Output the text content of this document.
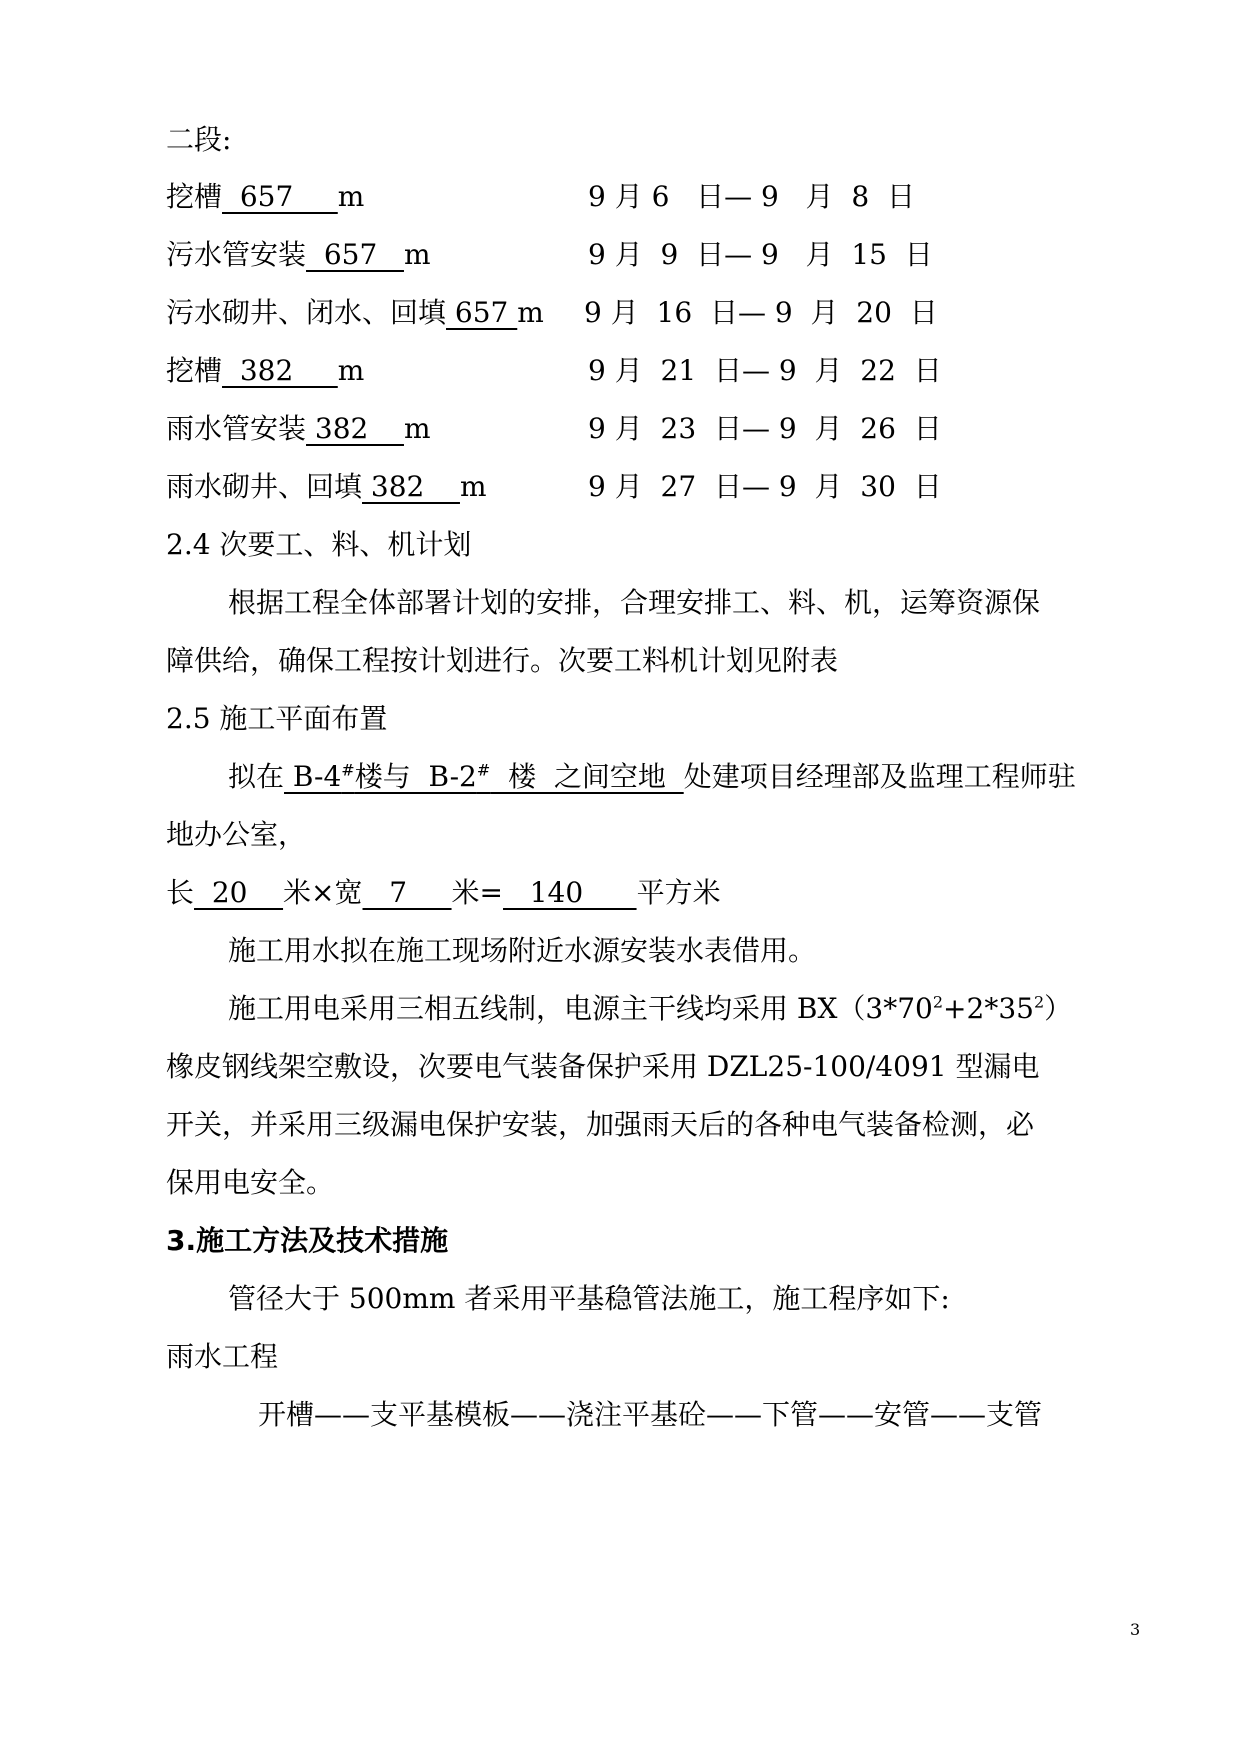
二段:
挖槽  657     m	9 月 6   日— 9   月  8  日
污水管安装  657   m	9 月  9  日— 9   月  15  日
污水砌井、闭水、回填 657 m 9 月  16  日— 9  月  20  日
挖槽  382     m	9 月  21  日— 9  月  22  日
雨水管安装 382    m	9 月  23  日— 9  月  26  日
雨水砌井、回填 382    m	9 月  27  日— 9  月  30  日
2.4 次要工、料、机计划
根据工程全体部署计划的安排，合理安排工、料、机，运筹资源保
障供给，确保工程按计划进行。次要工料机计划见附表
2.5 施工平面布置
拟在 B-4#楼与  B-2#  楼  之间空地  处建项目经理部及监理工程师驻
地办公室，
长  20    米×宽   7     米=   140      平方米
施工用水拟在施工现场附近水源安装水表借用。
施工用电采用三相五线制，电源主干线均采用 $BX(3*70^2+2*35^2)$
橡皮钢线架空敷设，次要电气装备保护采用 DZL25-100/4091 型漏电
开关，并采用三级漏电保护安装，加强雨天后的各种电气装备检测，必
保用电安全。
3.施工方法及技术措施
管径大于 500mm 者采用平基稳管法施工，施工程序如下:
雨水工程
开槽——支平基模板——浇注平基砼——下管——安管——支管
3
